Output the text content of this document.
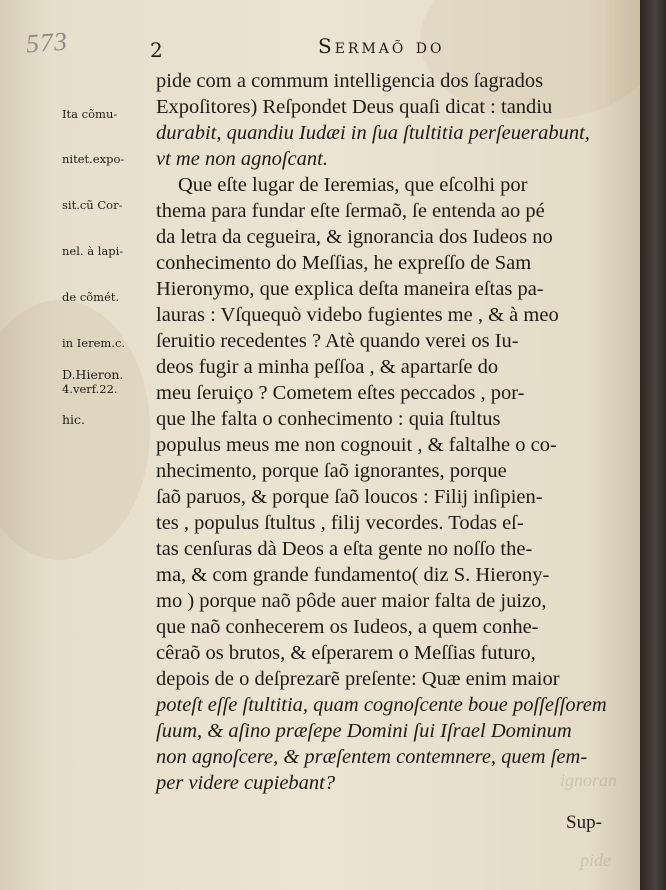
ignoran
pide
573	2	Sermaõ do

Ita cõmu-

nitet.expo-

sit.cũ Cor-

nel. à lapi-

de cõmét.

in Ierem.c.

4.verf.22.

D.Hieron.

hic.

pide com a commum intelligencia dos ſagrados
Expoſitores) Reſpondet Deus quaſi dicat : tandiu
durabit, quandiu Iudæi in ſua ſtultitia perſeuerabunt,
vt me non agnoſcant.
Que eſte lugar de Ieremias, que eſcolhi por
thema para fundar eſte ſermaõ, ſe entenda ao pé
da letra da cegueira, & ignorancia dos Iudeos no
conhecimento do Meſſias, he expreſſo de Sam
Hieronymo, que explica deſta maneira eſtas pa-
lauras : Vſquequò videbo fugientes me , & à meo
ſeruitio recedentes ? Atè quando verei os Iu-
deos fugir a minha peſſoa , & apartarſe do
meu ſeruiço ? Cometem eſtes peccados , por-
que lhe falta o conhecimento : quia ſtultus
populus meus me non cognouit , & faltalhe o co-
nhecimento, porque ſaõ ignorantes, porque
ſaõ paruos, & porque ſaõ loucos : Filij inſipien-
tes , populus ſtultus , filij vecordes. Todas eſ-
tas cenſuras dà Deos a eſta gente no noſſo the-
ma, & com grande fundamento( diz S. Hierony-
mo ) porque naõ pôde auer maior falta de juizo,
que naõ conhecerem os Iudeos, a quem conhe-
cêraõ os brutos, & eſperarem o Meſſias futuro,
depois de o deſprezarẽ preſente: Quæ enim maior
poteſt eſſe ſtultitia, quam cognoſcente boue poſſeſſorem
ſuum, & aſino præſepe Domini ſui Iſrael Dominum
non agnoſcere, & præſentem contemnere, quem ſem-
per videre cupiebant?
Sup-
